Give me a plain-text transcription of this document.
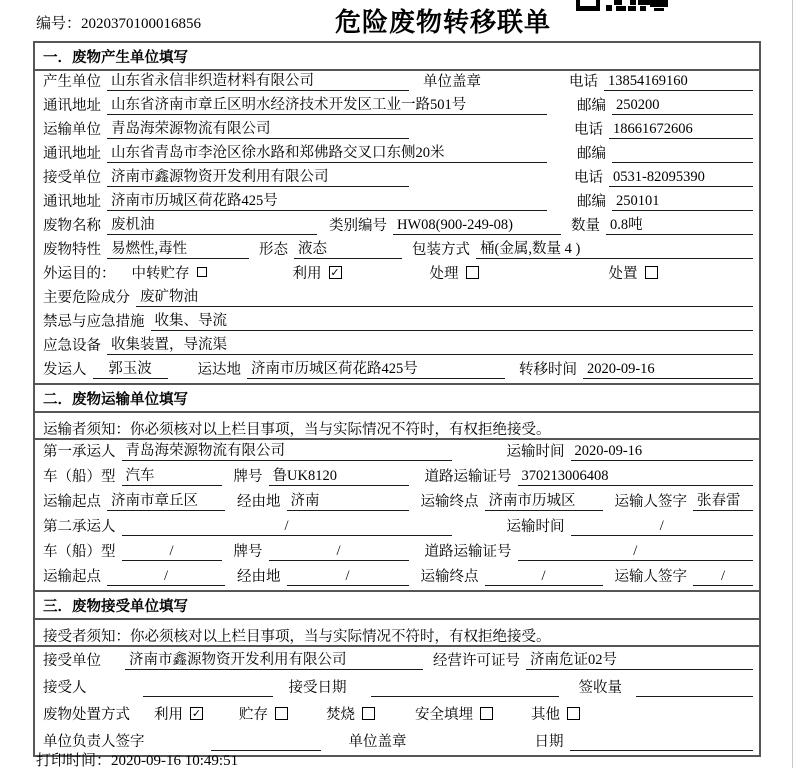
编号：2020370100016856	危险废物转移联单
一．废物产生单位填写
产生单位 山东省永信非织造材料有限公司	单位盖章	电话 13854169160
通讯地址 山东省济南市章丘区明水经济技术开发区工业一路501号	邮编 250200
运输单位 青岛海荣源物流有限公司	电话 18661672606
通讯地址 山东省青岛市李沧区徐水路和郑佛路交叉口东侧20米	邮编
接受单位 济南市鑫源物资开发利用有限公司	电话 0531-82095390
通讯地址 济南市历城区荷花路425号	邮编 250101
废物名称 废机油	类别编号 HW08(900-249-08)	数量 0.8吨
废物特性 易燃性,毒性	形态 液态	包装方式 桶(金属,数量 4 )
外运目的： 中转贮存	利用 ✓	处理	处置
主要危险成分 废矿物油
禁忌与应急措施 收集、导流
应急设备 收集装置，导流渠
发运人	郭玉波	运达地 济南市历城区荷花路425号	转移时间 2020-09-16
二．废物运输单位填写
运输者须知：你必须核对以上栏目事项，当与实际情况不符时，有权拒绝接受。
第一承运人 青岛海荣源物流有限公司	运输时间 2020-09-16
车（船）型 汽车	牌号 鲁UK8120	道路运输证号 370213006408
运输起点 济南市章丘区	经由地 济南	运输终点 济南市历城区	运输人签字 张春雷
第二承运人	/	运输时间	/
车（船）型	/	牌号	/	道路运输证号	/
运输起点	/	经由地	/	运输终点	/	运输人签字	/
三．废物接受单位填写
接受者须知：你必须核对以上栏目事项，当与实际情况不符时，有权拒绝接受。
接受单位 济南市鑫源物资开发利用有限公司	经营许可证号 济南危证02号
接受人	接受日期	签收量
废物处置方式 利用 ✓	贮存	焚烧	安全填埋	其他
单位负责人签字	单位盖章	日期
打印时间：2020-09-16 10:49:51
